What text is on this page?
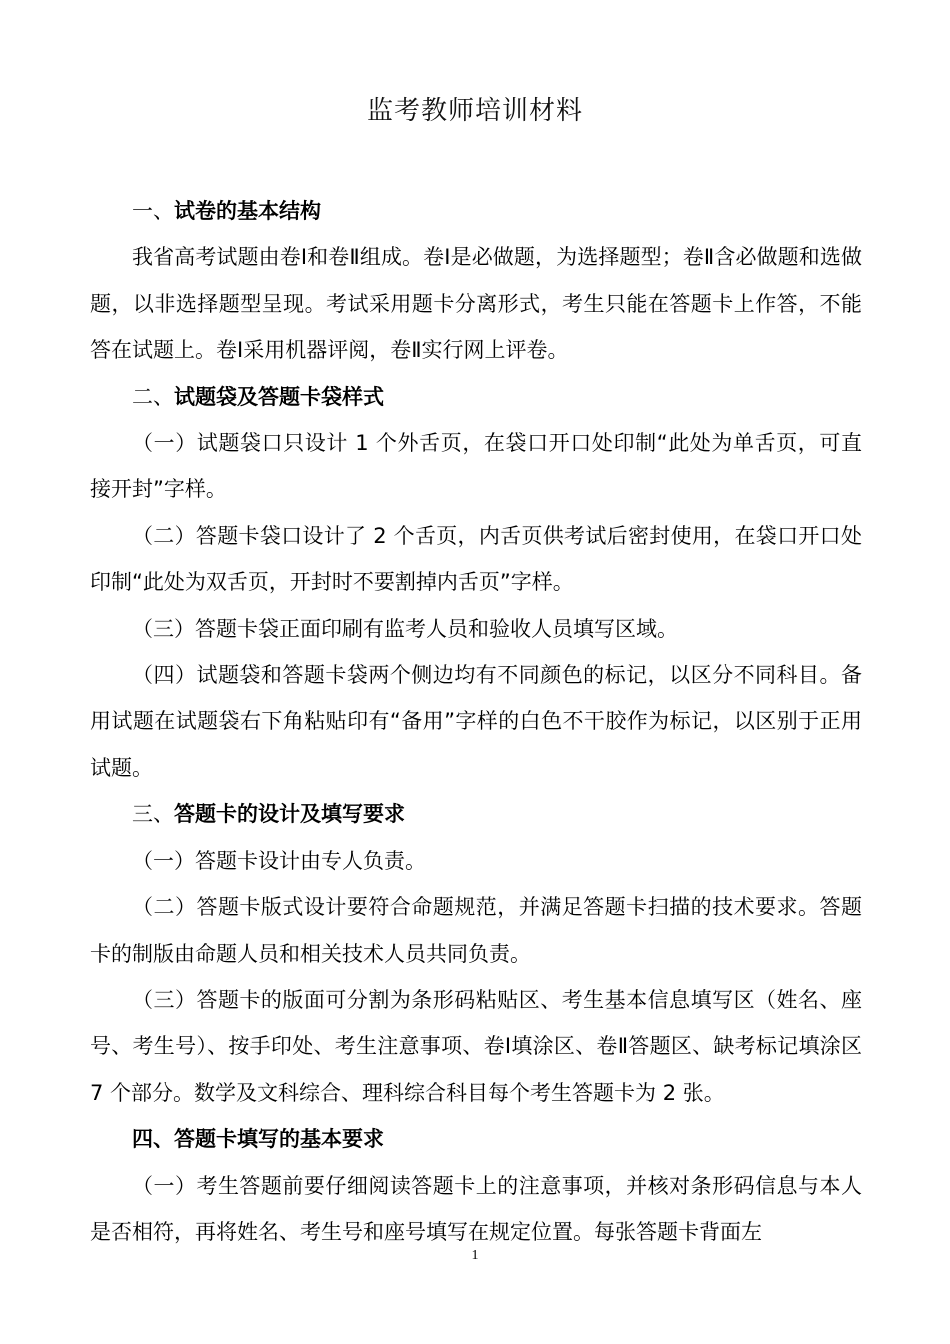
监考教师培训材料

一、试卷的基本结构

我省高考试题由卷Ⅰ和卷Ⅱ组成。卷Ⅰ是必做题，为选择题型；卷Ⅱ含必做题和选做题，以非选择题型呈现。考试采用题卡分离形式，考生只能在答题卡上作答，不能答在试题上。卷Ⅰ采用机器评阅，卷Ⅱ实行网上评卷。

二、试题袋及答题卡袋样式

（一）试题袋口只设计 1 个外舌页，在袋口开口处印制“此处为单舌页，可直接开封”字样。

（二）答题卡袋口设计了 2 个舌页，内舌页供考试后密封使用，在袋口开口处印制“此处为双舌页，开封时不要割掉内舌页”字样。

（三）答题卡袋正面印刷有监考人员和验收人员填写区域。

（四）试题袋和答题卡袋两个侧边均有不同颜色的标记，以区分不同科目。备用试题在试题袋右下角粘贴印有“备用”字样的白色不干胶作为标记，以区别于正用试题。

三、答题卡的设计及填写要求

（一）答题卡设计由专人负责。

（二）答题卡版式设计要符合命题规范，并满足答题卡扫描的技术要求。答题卡的制版由命题人员和相关技术人员共同负责。

（三）答题卡的版面可分割为条形码粘贴区、考生基本信息填写区（姓名、座号、考生号）、按手印处、考生注意事项、卷Ⅰ填涂区、卷Ⅱ答题区、缺考标记填涂区 7 个部分。数学及文科综合、理科综合科目每个考生答题卡为 2 张。

四、答题卡填写的基本要求

（一）考生答题前要仔细阅读答题卡上的注意事项，并核对条形码信息与本人是否相符，再将姓名、考生号和座号填写在规定位置。每张答题卡背面左

1
